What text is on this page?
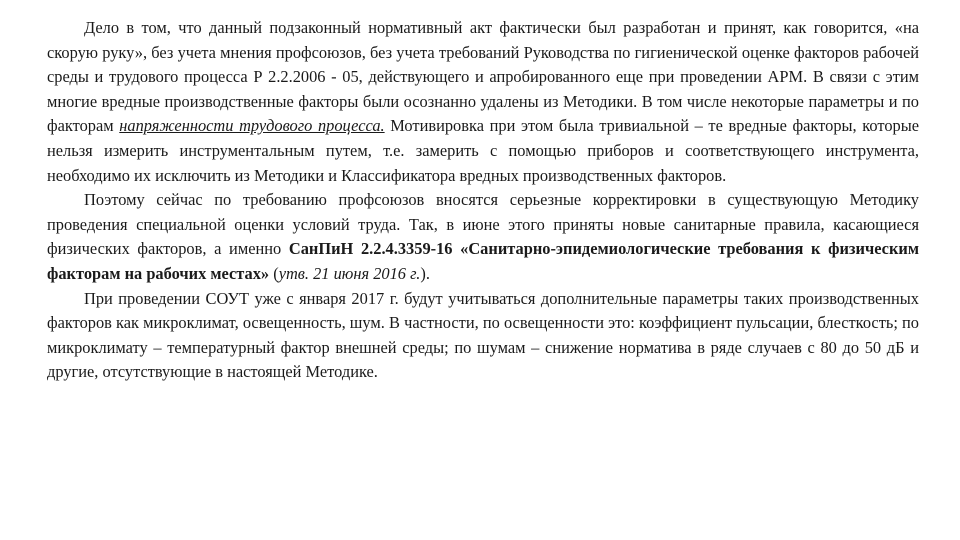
Дело в том, что данный подзаконный нормативный акт фактически был разработан и принят, как говорится, «на скорую руку», без учета мнения профсоюзов, без учета требований Руководства по гигиенической оценке факторов рабочей среды и трудового процесса Р 2.2.2006 - 05, действующего и апробированного еще при проведении АРМ. В связи с этим многие вредные производственные факторы были осознанно удалены из Методики. В том числе некоторые параметры и по факторам напряженности трудового процесса. Мотивировка при этом была тривиальной – те вредные факторы, которые нельзя измерить инструментальным путем, т.е. замерить с помощью приборов и соответствующего инструмента, необходимо их исключить из Методики и Классификатора вредных производственных факторов.

Поэтому сейчас по требованию профсоюзов вносятся серьезные корректировки в существующую Методику проведения специальной оценки условий труда. Так, в июне этого приняты новые санитарные правила, касающиеся физических факторов, а именно СанПиН 2.2.4.3359-16 «Санитарно-эпидемиологические требования к физическим факторам на рабочих местах» (утв. 21 июня 2016 г.).

При проведении СОУТ уже с января 2017 г. будут учитываться дополнительные параметры таких производственных факторов как микроклимат, освещенность, шум. В частности, по освещенности это: коэффициент пульсации, блесткость; по микроклимату – температурный фактор внешней среды; по шумам – снижение норматива в ряде случаев с 80 до 50 дБ и другие, отсутствующие в настоящей Методике.
